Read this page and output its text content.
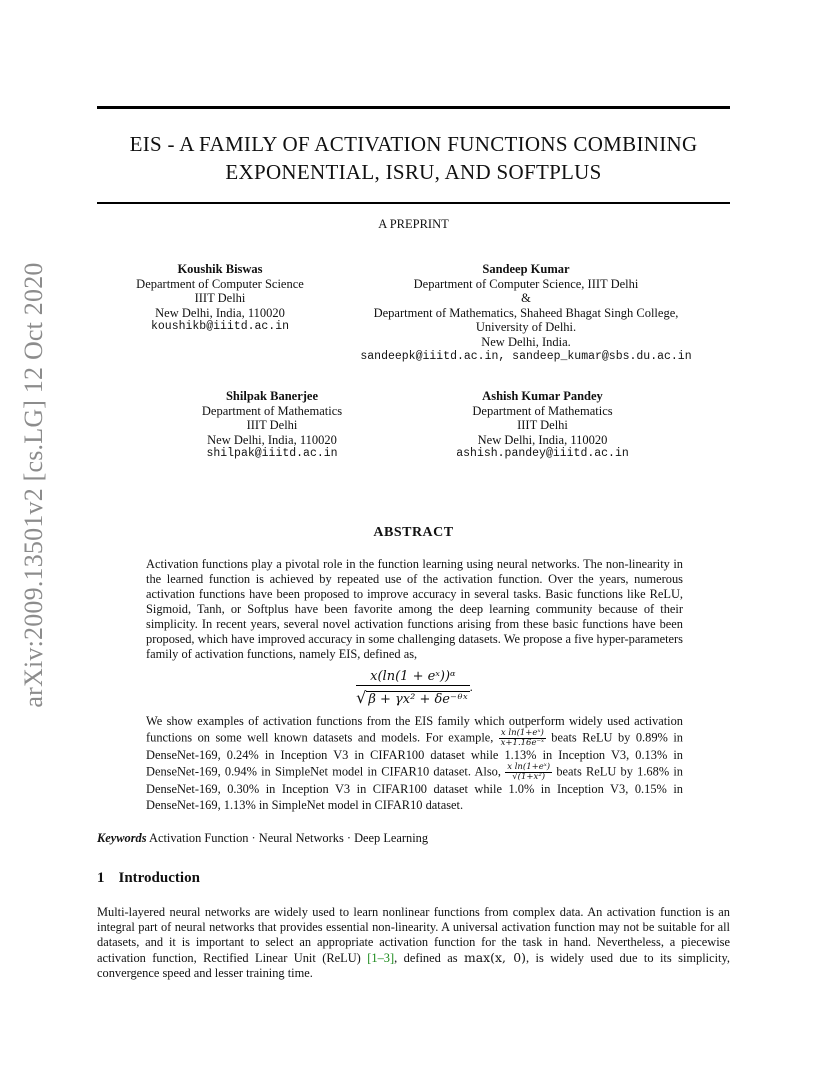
arXiv:2009.13501v2 [cs.LG] 12 Oct 2020
EIS - A FAMILY OF ACTIVATION FUNCTIONS COMBINING
EXPONENTIAL, ISRU, AND SOFTPLUS
A PREPRINT
Koushik Biswas
Department of Computer Science
IIIT Delhi
New Delhi, India, 110020
koushikb@iiitd.ac.in
Sandeep Kumar
Department of Computer Science, IIIT Delhi
&
Department of Mathematics, Shaheed Bhagat Singh College,
University of Delhi.
New Delhi, India.
sandeepk@iiitd.ac.in, sandeep_kumar@sbs.du.ac.in
Shilpak Banerjee
Department of Mathematics
IIIT Delhi
New Delhi, India, 110020
shilpak@iiitd.ac.in
Ashish Kumar Pandey
Department of Mathematics
IIIT Delhi
New Delhi, India, 110020
ashish.pandey@iiitd.ac.in
ABSTRACT
Activation functions play a pivotal role in the function learning using neural networks. The non-linearity in the learned function is achieved by repeated use of the activation function. Over the years, numerous activation functions have been proposed to improve accuracy in several tasks. Basic functions like ReLU, Sigmoid, Tanh, or Softplus have been favorite among the deep learning community because of their simplicity. In recent years, several novel activation functions arising from these basic functions have been proposed, which have improved accuracy in some challenging datasets. We propose a five hyper-parameters family of activation functions, namely EIS, defined as,
$\frac{\text{x(ln(1 + eˣ))ᵅ}}{\text{√ β + γx² + δe⁻ᶿˣ}}$ .
We show examples of activation functions from the EIS family which outperform widely used activation functions on some well known datasets and models. For example, $\frac{\text{x ln(1+eˣ)}}{\text{x+1.16e⁻ˣ}}$ beats ReLU by 0.89% in DenseNet-169, 0.24% in Inception V3 in CIFAR100 dataset while 1.13% in Inception V3, 0.13% in DenseNet-169, 0.94% in SimpleNet model in CIFAR10 dataset. Also, $\frac{\text{x ln(1+eˣ)}}{\text{√(1+x²)}}$ beats ReLU by 1.68% in DenseNet-169, 0.30% in Inception V3 in CIFAR100 dataset while 1.0% in Inception V3, 0.15% in DenseNet-169, 1.13% in SimpleNet model in CIFAR10 dataset.
Keywords Activation Function · Neural Networks · Deep Learning
1 Introduction
Multi-layered neural networks are widely used to learn nonlinear functions from complex data. An activation function is an integral part of neural networks that provides essential non-linearity. A universal activation function may not be suitable for all datasets, and it is important to select an appropriate activation function for the task in hand. Nevertheless, a piecewise activation function, Rectified Linear Unit (ReLU) [1–3], defined as max(x, 0), is widely used due to its simplicity, convergence speed and lesser training time.
